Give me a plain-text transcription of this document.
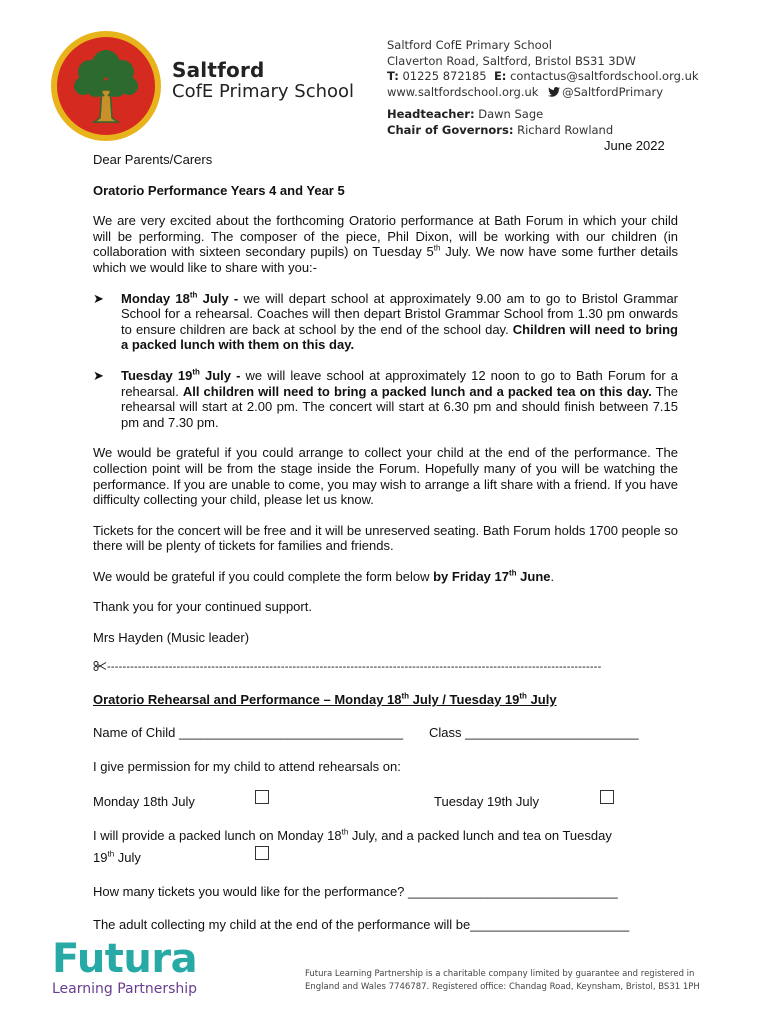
Saltford
CofE Primary School
Saltford CofE Primary School
Claverton Road, Saltford, Bristol BS31 3DW
T: 01225 872185 E: contactus@saltfordschool.org.uk
www.saltfordschool.org.uk @SaltfordPrimary
Headteacher: Dawn Sage
Chair of Governors: Richard Rowland
June 2022

Dear Parents/Carers

Oratorio Performance Years 4 and Year 5

We are very excited about the forthcoming Oratorio performance at Bath Forum in which your child will be performing. The composer of the piece, Phil Dixon, will be working with our children (in collaboration with sixteen secondary pupils) on Tuesday 5th July. We now have some further details which we would like to share with you:-

➤ Monday 18th July - we will depart school at approximately 9.00 am to go to Bristol Grammar School for a rehearsal. Coaches will then depart Bristol Grammar School from 1.30 pm onwards to ensure children are back at school by the end of the school day. Children will need to bring a packed lunch with them on this day.
➤ Tuesday 19th July - we will leave school at approximately 12 noon to go to Bath Forum for a rehearsal. All children will need to bring a packed lunch and a packed tea on this day. The rehearsal will start at 2.00 pm. The concert will start at 6.30 pm and should finish between 7.15 pm and 7.30 pm.

We would be grateful if you could arrange to collect your child at the end of the performance. The collection point will be from the stage inside the Forum. Hopefully many of you will be watching the performance. If you are unable to come, you may wish to arrange a lift share with a friend. If you have difficulty collecting your child, please let us know.

Tickets for the concert will be free and it will be unreserved seating. Bath Forum holds 1700 people so there will be plenty of tickets for families and friends.

We would be grateful if you could complete the form below by Friday 17th June.

Thank you for your continued support.

Mrs Hayden (Music leader)

--------------------------------------------------------------------------------------------------------------------------------
Oratorio Rehearsal and Performance – Monday 18th July / Tuesday 19th July
Name of Child _______________________________ Class ________________________
I give permission for my child to attend rehearsals on:
Monday 18th July	Tuesday 19th July
I will provide a packed lunch on Monday 18th July, and a packed lunch and tea on Tuesday
19th July
How many tickets you would like for the performance? _____________________________
The adult collecting my child at the end of the performance will be______________________
Futura
Learning Partnership
Futura Learning Partnership is a charitable company limited by guarantee and registered in
England and Wales 7746787. Registered office: Chandag Road, Keynsham, Bristol, BS31 1PH
